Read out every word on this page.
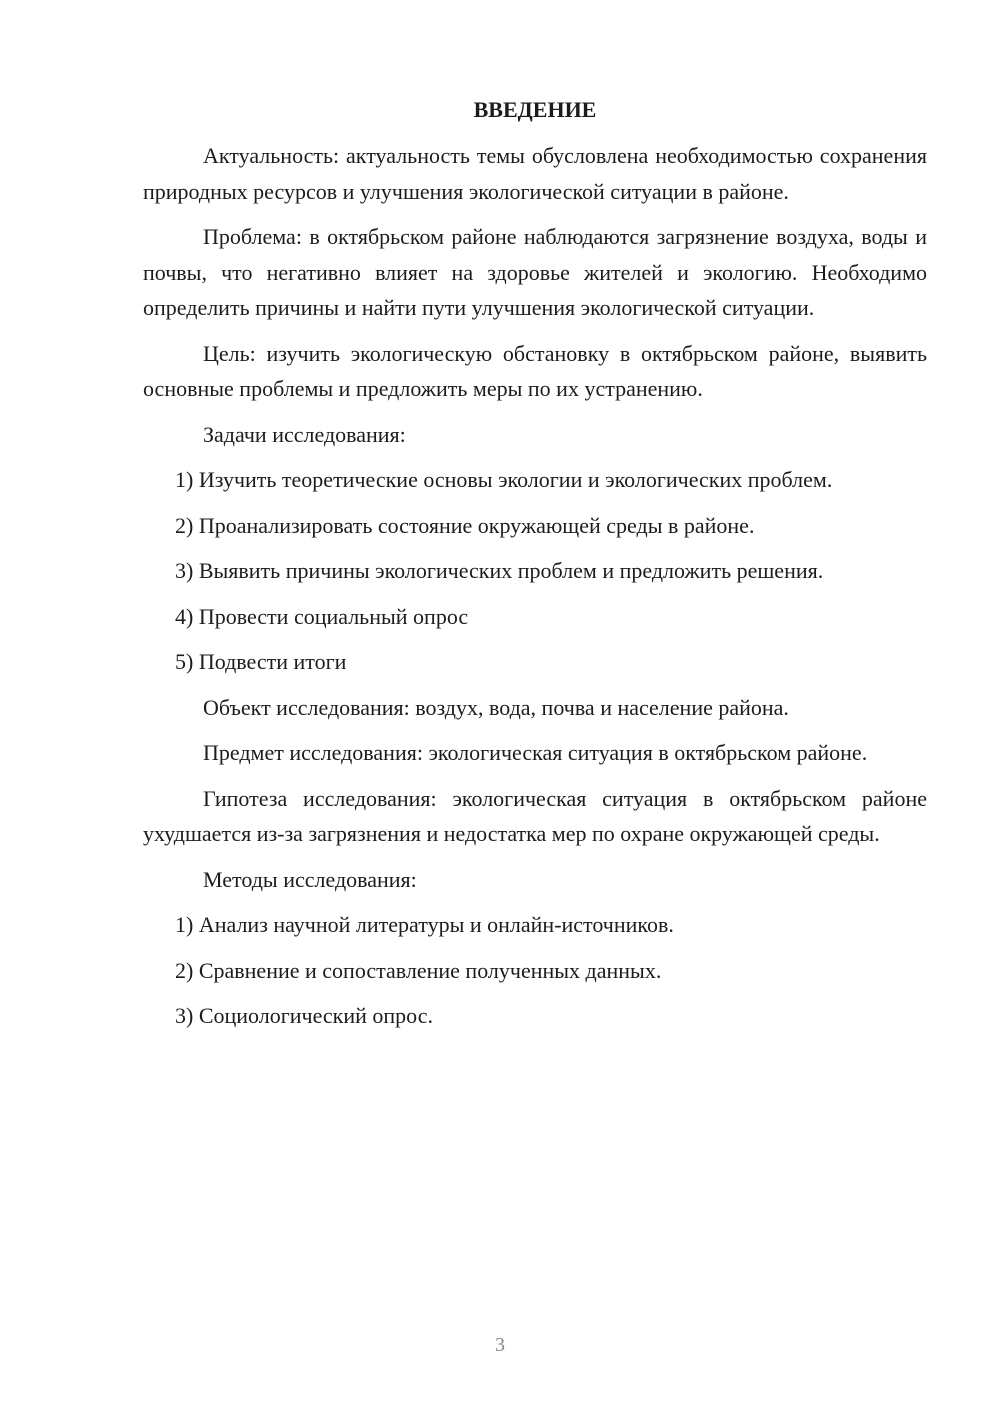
ВВЕДЕНИЕ

Актуальность: актуальность темы обусловлена необходимостью сохранения природных ресурсов и улучшения экологической ситуации в районе.

Проблема: в октябрьском районе наблюдаются загрязнение воздуха, воды и почвы, что негативно влияет на здоровье жителей и экологию. Необходимо определить причины и найти пути улучшения экологической ситуации.

Цель: изучить экологическую обстановку в октябрьском районе, выявить основные проблемы и предложить меры по их устранению.

Задачи исследования:

1) Изучить теоретические основы экологии и экологических проблем.

2) Проанализировать состояние окружающей среды в районе.

3) Выявить причины экологических проблем и предложить решения.

4) Провести социальный опрос

5) Подвести итоги

Объект исследования: воздух, вода, почва и население района.

Предмет исследования: экологическая ситуация в октябрьском районе.

Гипотеза исследования: экологическая ситуация в октябрьском районе ухудшается из-за загрязнения и недостатка мер по охране окружающей среды.

Методы исследования:

1) Анализ научной литературы и онлайн-источников.

2) Сравнение и сопоставление полученных данных.

3) Социологический опрос.

3
